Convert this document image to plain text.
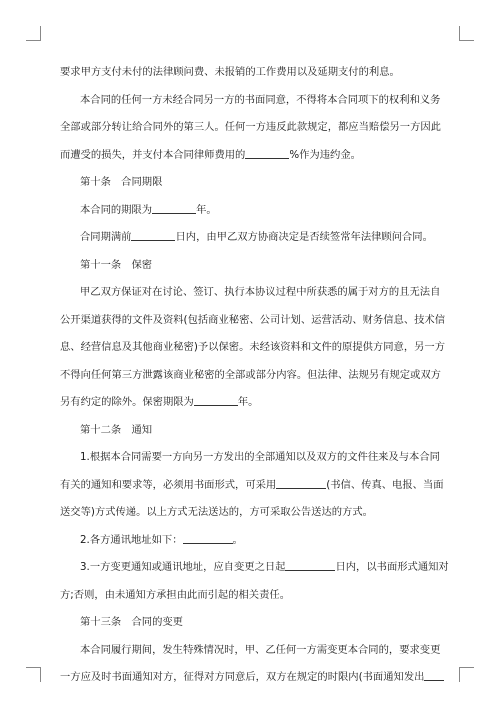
要求甲方支付未付的法律顾问费、未报销的工作费用以及延期支付的利息。
本合同的任何一方未经合同另一方的书面同意，不得将本合同项下的权利和义务
全部或部分转让给合同外的第三人。任何一方违反此款规定，都应当赔偿另一方因此
而遭受的损失，并支付本合同律师费用的	%作为违约金。
第十条　合同期限
本合同的期限为	年。
合同期满前	日内，由甲乙双方协商决定是否续签常年法律顾问合同。
第十一条　保密
甲乙双方保证对在讨论、签订、执行本协议过程中所获悉的属于对方的且无法自
公开渠道获得的文件及资料(包括商业秘密、公司计划、运营活动、财务信息、技术信
息、经营信息及其他商业秘密)予以保密。未经该资料和文件的原提供方同意，另一方
不得向任何第三方泄露该商业秘密的全部或部分内容。但法律、法规另有规定或双方
另有约定的除外。保密期限为	年。
第十二条　通知
1.根据本合同需要一方向另一方发出的全部通知以及双方的文件往来及与本合同
有关的通知和要求等，必须用书面形式，可采用	(书信、传真、电报、当面
送交等)方式传递。以上方式无法送达的，方可采取公告送达的方式。
2.各方通讯地址如下：	。
3.一方变更通知或通讯地址，应自变更之日起	日内，以书面形式通知对
方;否则，由未通知方承担由此而引起的相关责任。
第十三条　合同的变更
本合同履行期间，发生特殊情况时，甲、乙任何一方需变更本合同的，要求变更
一方应及时书面通知对方，征得对方同意后，双方在规定的时限内(书面通知发出
